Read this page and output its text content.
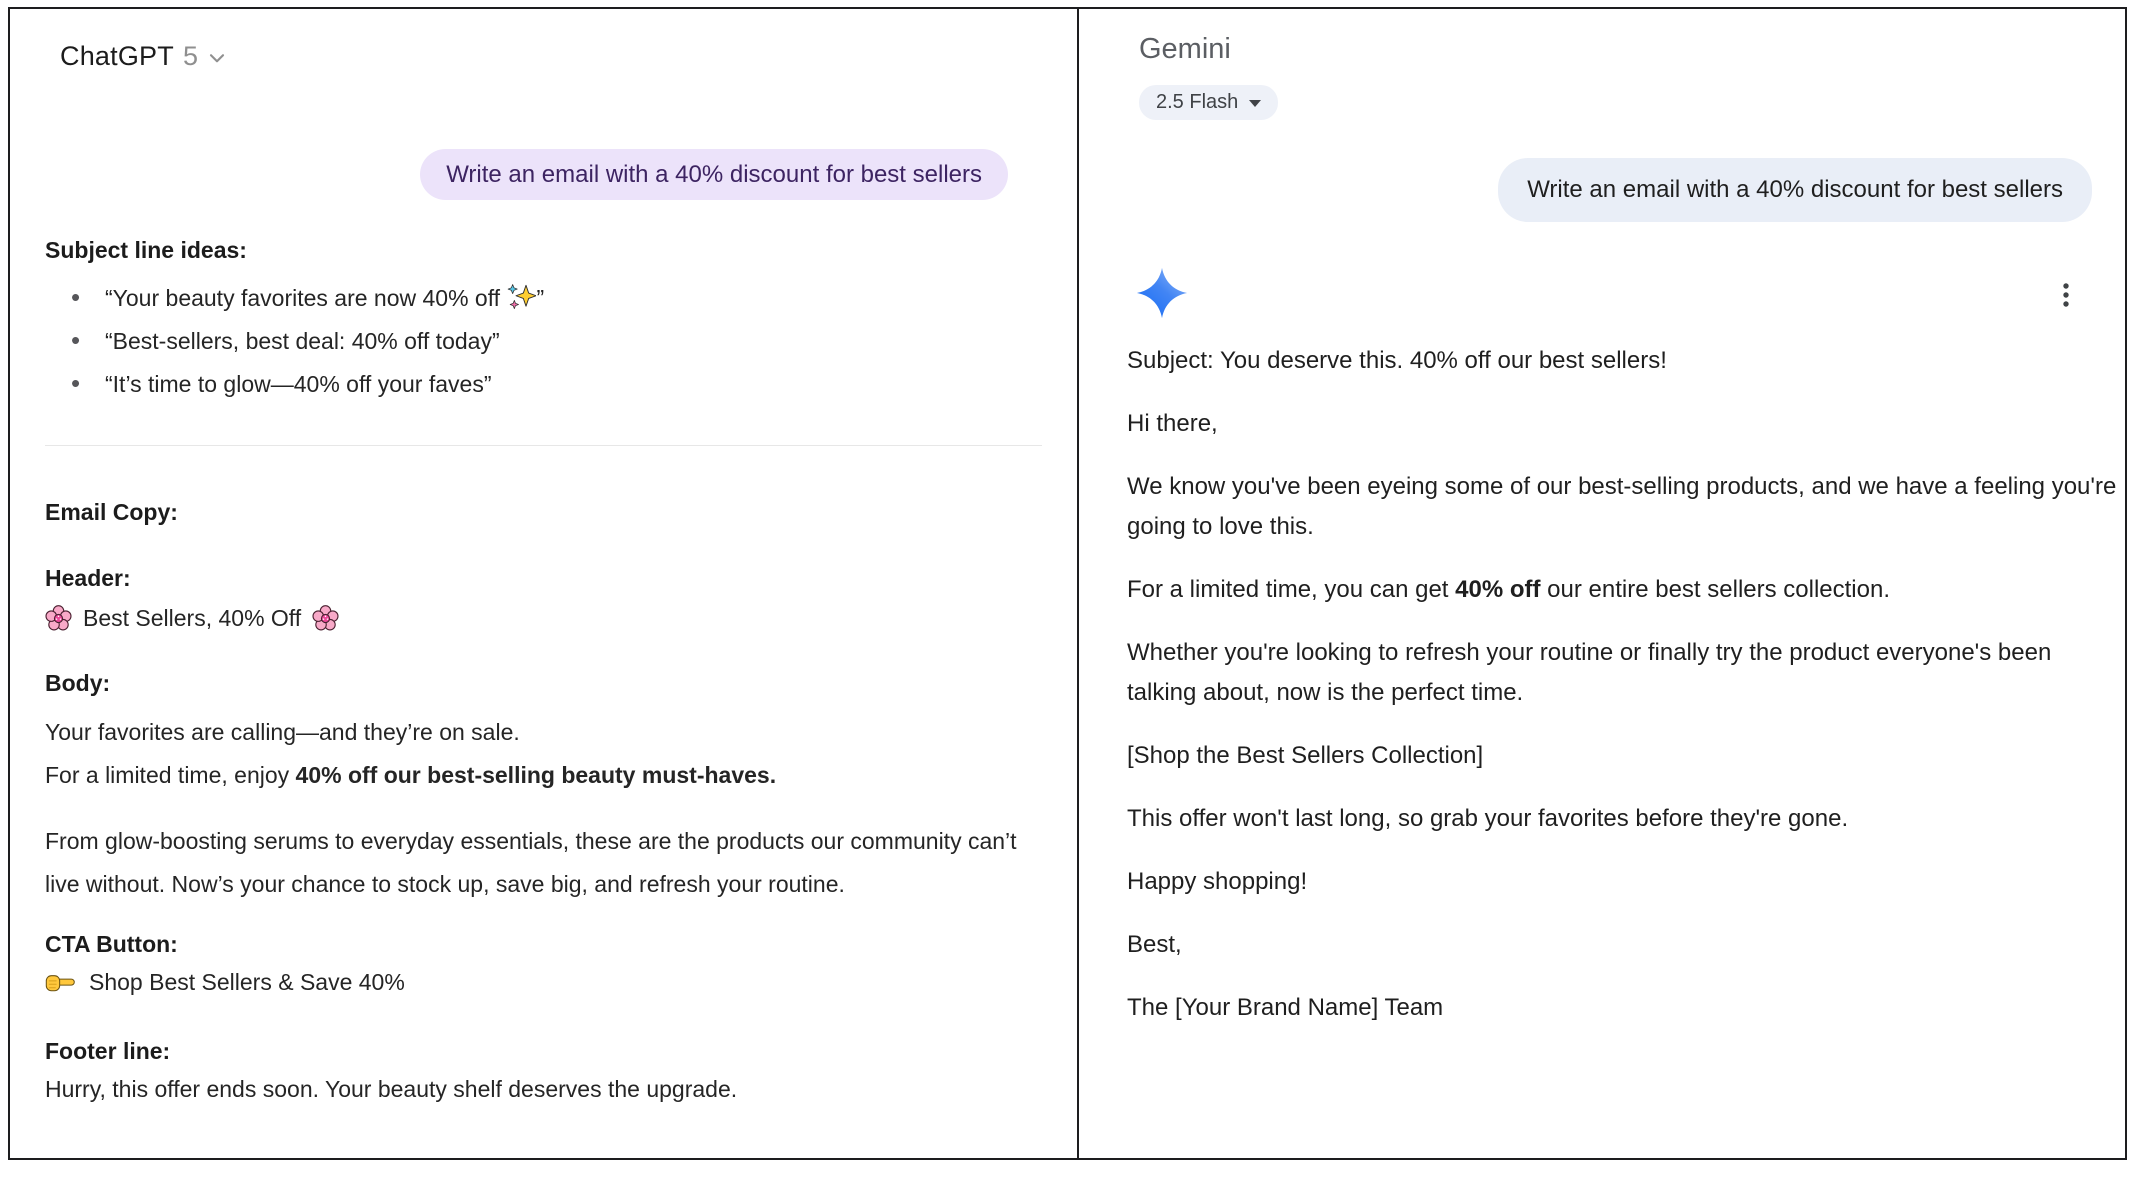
ChatGPT 5
Write an email with a 40% discount for best sellers
Subject line ideas:
• “Your beauty favorites are now 40% off
”
• “Best-sellers, best deal: 40% off today”
• “It’s time to glow—40% off your faves”
Email Copy:
Header:
Best Sellers, 40% Off
Body:
Your favorites are calling—and they’re on sale.
For a limited time, enjoy 40% off our best-selling beauty must-haves.
From glow-boosting serums to everyday essentials, these are the products our community can’t live without. Now’s your chance to stock up, save big, and refresh your routine.
CTA Button:
Shop Best Sellers & Save 40%
Footer line:
Hurry, this offer ends soon. Your beauty shelf deserves the upgrade.
Gemini
2.5 Flash
Write an email with a 40% discount for best sellers

Subject: You deserve this. 40% off our best sellers!

Hi there,

We know you've been eyeing some of our best-selling products, and we have a feeling you're going to love this.

For a limited time, you can get 40% off our entire best sellers collection.

Whether you're looking to refresh your routine or finally try the product everyone's been talking about, now is the perfect time.

[Shop the Best Sellers Collection]

This offer won't last long, so grab your favorites before they're gone.

Happy shopping!

Best,

The [Your Brand Name] Team
